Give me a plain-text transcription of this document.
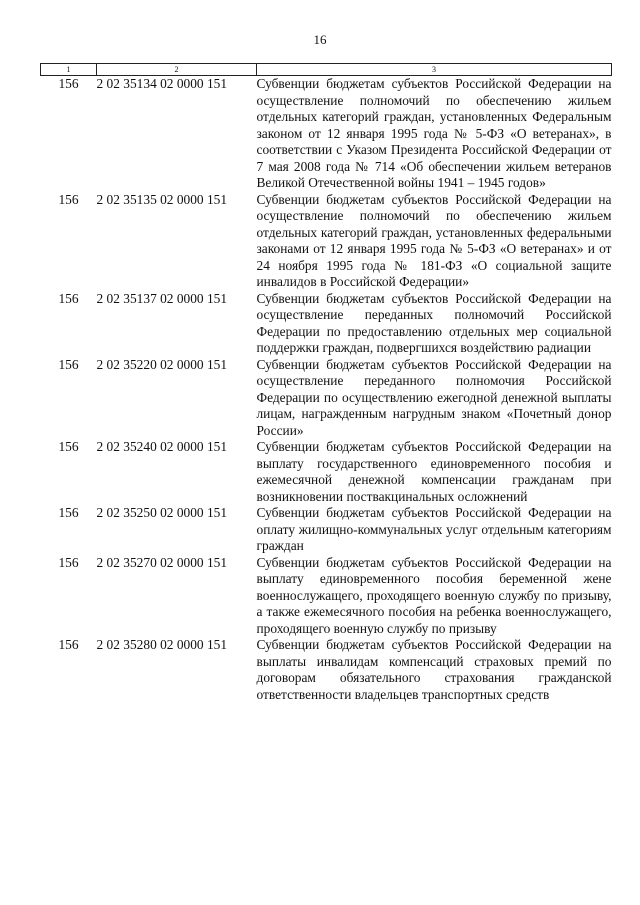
16
1	2	3
156	2 02 35134 02 0000 151	Субвенции бюджетам субъектов Российской Федерации на осуществление полномочий по обеспечению жильем отдельных категорий граждан, установленных Федеральным законом от 12 января 1995 года № 5-ФЗ «О ветеранах», в соответствии с Указом Президента Российской Федерации от 7 мая 2008 года № 714 «Об обеспечении жильем ветеранов Великой Отечественной войны 1941 – 1945 годов»
156	2 02 35135 02 0000 151	Субвенции бюджетам субъектов Российской Федерации на осуществление полномочий по обеспечению жильем отдельных категорий граждан, установленных федеральными законами от 12 января 1995 года № 5-ФЗ «О ветеранах» и от 24 ноября 1995 года № 181-ФЗ «О социальной защите инвалидов в Российской Федерации»
156	2 02 35137 02 0000 151	Субвенции бюджетам субъектов Российской Федерации на осуществление переданных полномочий Российской Федерации по предоставлению отдельных мер социальной поддержки граждан, подвергшихся воздействию радиации
156	2 02 35220 02 0000 151	Субвенции бюджетам субъектов Российской Федерации на осуществление переданного полномочия Российской Федерации по осуществлению ежегодной денежной выплаты лицам, награжденным нагрудным знаком «Почетный донор России»
156	2 02 35240 02 0000 151	Субвенции бюджетам субъектов Российской Федерации на выплату государственного единовременного пособия и ежемесячной денежной компенсации гражданам при возникновении поствакцинальных осложнений
156	2 02 35250 02 0000 151	Субвенции бюджетам субъектов Российской Федерации на оплату жилищно-коммунальных услуг отдельным категориям граждан
156	2 02 35270 02 0000 151	Субвенции бюджетам субъектов Российской Федерации на выплату единовременного пособия беременной жене военнослужащего, проходящего военную службу по призыву, а также ежемесячного пособия на ребенка военнослужащего, проходящего военную службу по призыву
156	2 02 35280 02 0000 151	Субвенции бюджетам субъектов Российской Федерации на выплаты инвалидам компенсаций страховых премий по договорам обязательного страхования гражданской ответственности владельцев транспортных средств
